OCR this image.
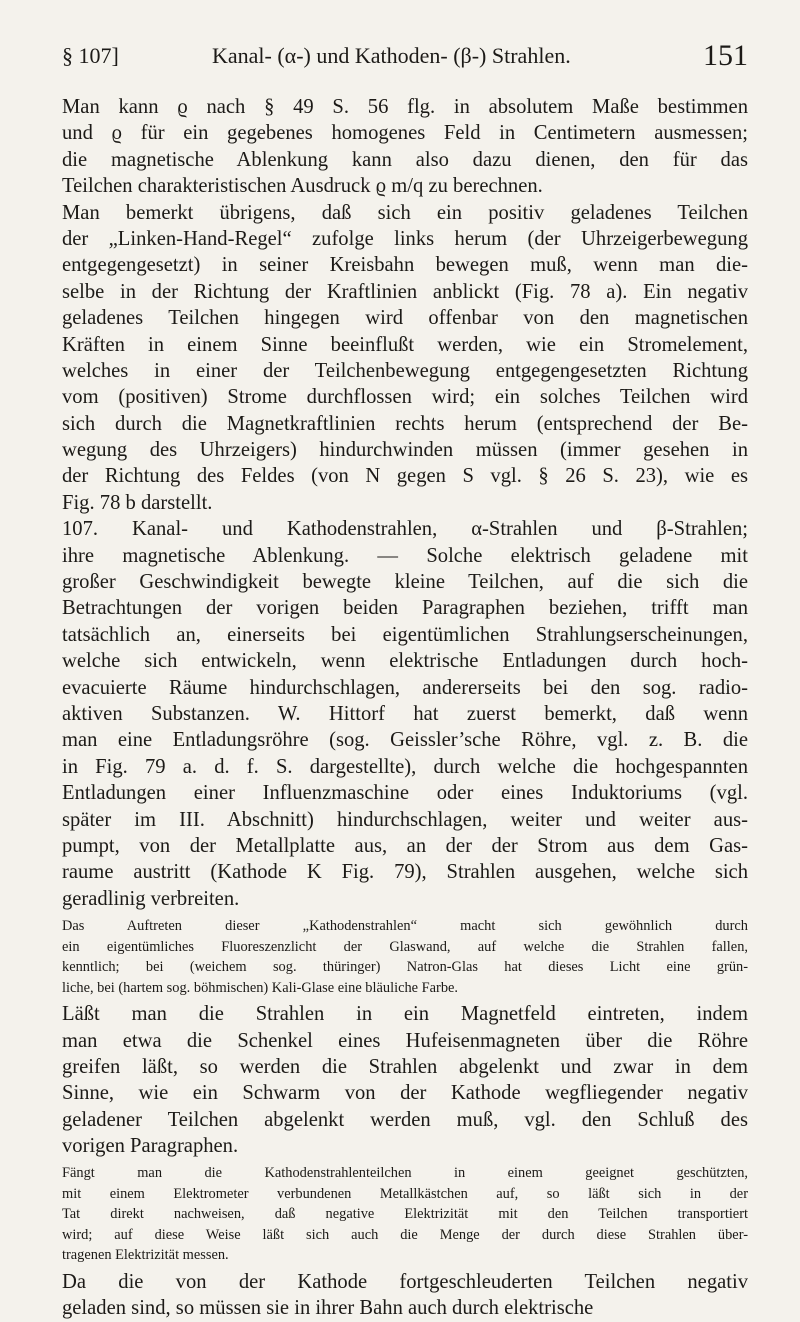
§ 107]	Kanal- (α-) und Kathoden- (β-) Strahlen.	151

Man kann ϱ nach § 49 S. 56 flg. in absolutem Maße bestimmen
und ϱ für ein gegebenes homogenes Feld in Centimetern ausmessen;
die magnetische Ablenkung kann also dazu dienen, den für das
Teilchen charakteristischen Ausdruck ϱ m/q zu berechnen.

Man bemerkt übrigens, daß sich ein positiv geladenes Teilchen
der „Linken-Hand-Regel“ zufolge links herum (der Uhrzeigerbewegung
entgegengesetzt) in seiner Kreisbahn bewegen muß, wenn man die-
selbe in der Richtung der Kraftlinien anblickt (Fig. 78 a). Ein negativ
geladenes Teilchen hingegen wird offenbar von den magnetischen
Kräften in einem Sinne beeinflußt werden, wie ein Stromelement,
welches in einer der Teilchenbewegung entgegengesetzten Richtung
vom (positiven) Strome durchflossen wird; ein solches Teilchen wird
sich durch die Magnetkraftlinien rechts herum (entsprechend der Be-
wegung des Uhrzeigers) hindurchwinden müssen (immer gesehen in
der Richtung des Feldes (von N gegen S vgl. § 26 S. 23), wie es
Fig. 78 b darstellt.

107. Kanal- und Kathodenstrahlen, α-Strahlen und β-Strahlen;
ihre magnetische Ablenkung. — Solche elektrisch geladene mit
großer Geschwindigkeit bewegte kleine Teilchen, auf die sich die
Betrachtungen der vorigen beiden Paragraphen beziehen, trifft man
tatsächlich an, einerseits bei eigentümlichen Strahlungserscheinungen,
welche sich entwickeln, wenn elektrische Entladungen durch hoch-
evacuierte Räume hindurchschlagen, andererseits bei den sog. radio-
aktiven Substanzen. W. Hittorf hat zuerst bemerkt, daß wenn
man eine Entladungsröhre (sog. Geissler’sche Röhre, vgl. z. B. die
in Fig. 79 a. d. f. S. dargestellte), durch welche die hochgespannten
Entladungen einer Influenzmaschine oder eines Induktoriums (vgl.
später im III. Abschnitt) hindurchschlagen, weiter und weiter aus-
pumpt, von der Metallplatte aus, an der der Strom aus dem Gas-
raume austritt (Kathode K Fig. 79), Strahlen ausgehen, welche sich
geradlinig verbreiten.

Das Auftreten dieser „Kathodenstrahlen“ macht sich gewöhnlich durch
ein eigentümliches Fluoreszenzlicht der Glaswand, auf welche die Strahlen fallen,
kenntlich; bei (weichem sog. thüringer) Natron-Glas hat dieses Licht eine grün-
liche, bei (hartem sog. böhmischen) Kali-Glase eine bläuliche Farbe.

Läßt man die Strahlen in ein Magnetfeld eintreten, indem
man etwa die Schenkel eines Hufeisenmagneten über die Röhre
greifen läßt, so werden die Strahlen abgelenkt und zwar in dem
Sinne, wie ein Schwarm von der Kathode wegfliegender negativ
geladener Teilchen abgelenkt werden muß, vgl. den Schluß des
vorigen Paragraphen.

Fängt man die Kathodenstrahlenteilchen in einem geeignet geschützten,
mit einem Elektrometer verbundenen Metallkästchen auf, so läßt sich in der
Tat direkt nachweisen, daß negative Elektrizität mit den Teilchen transportiert
wird; auf diese Weise läßt sich auch die Menge der durch diese Strahlen über-
tragenen Elektrizität messen.

Da die von der Kathode fortgeschleuderten Teilchen negativ
geladen sind, so müssen sie in ihrer Bahn auch durch elektrische
